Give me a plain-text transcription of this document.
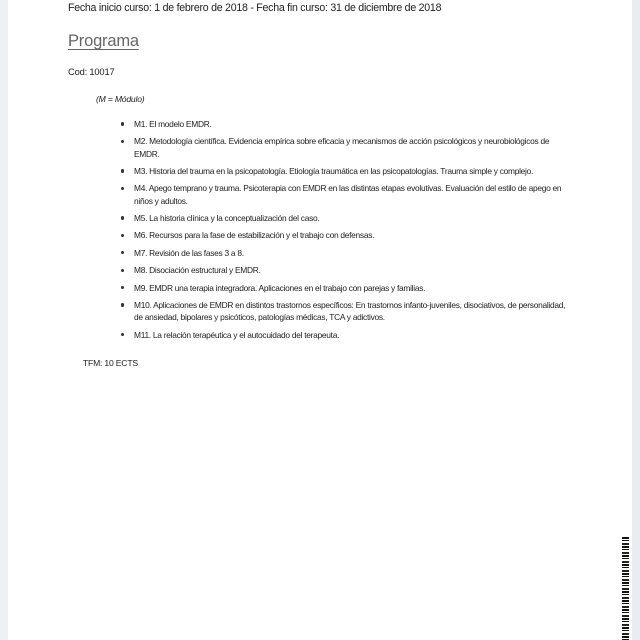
Fecha inicio curso: 1 de febrero de 2018 - Fecha fin curso: 31 de diciembre de 2018
Programa
Cod: 10017
(M = Módulo)
M1. El modelo EMDR.
M2. Metodología científica. Evidencia empírica sobre eficacia y mecanismos de acción psicológicos y neurobiológicos de EMDR.
M3. Historia del trauma en la psicopatología. Etiología traumática en las psicopatologías. Trauma simple y complejo.
M4. Apego temprano y trauma. Psicoterapia con EMDR en las distintas etapas evolutivas. Evaluación del estilo de apego en niños y adultos.
M5. La historia clínica y la conceptualización del caso.
M6. Recursos para la fase de estabilización y el trabajo con defensas.
M7. Revisión de las fases 3 a 8.
M8. Disociación estructural y EMDR.
M9. EMDR una terapia integradora. Aplicaciones en el trabajo con parejas y familias.
M10. Aplicaciones de EMDR en distintos trastornos específicos: En trastornos infanto-juveniles, disociativos, de personalidad, de ansiedad, bipolares y psicóticos, patologías médicas, TCA y adictivos.
M11. La relación terapéutica y el autocuidado del terapeuta.
TFM: 10 ECTS
